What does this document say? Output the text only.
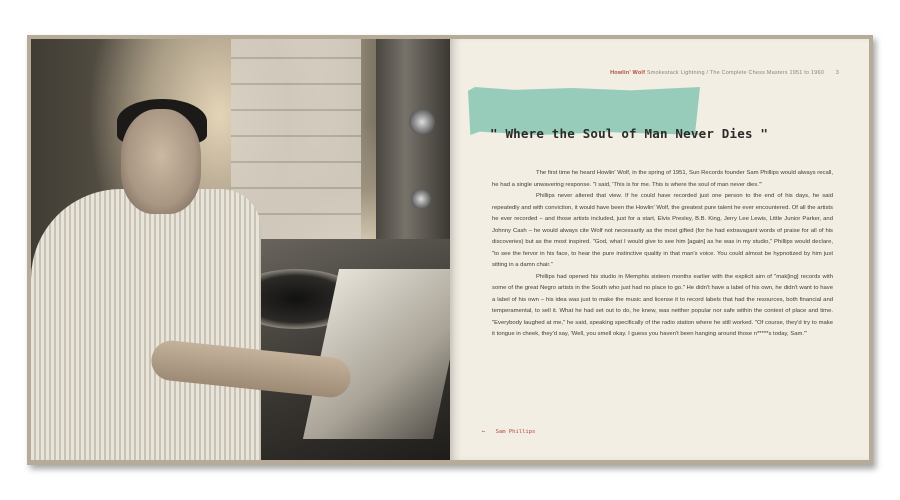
Howlin' Wolf Smokestack Lightning / The Complete Chess Masters 1951 to 1960 3
" Where the Soul of Man Never Dies "

The first time he heard Howlin' Wolf, in the spring of 1951, Sun Records founder Sam Phillips would always recall, he had a single unwavering response. "I said, 'This is for me. This is where the soul of man never dies.'"

Phillips never altered that view. If he could have recorded just one person to the end of his days, he said repeatedly and with conviction, it would have been the Howlin' Wolf, the greatest pure talent he ever encountered. Of all the artists he ever recorded – and those artists included, just for a start, Elvis Presley, B.B. King, Jerry Lee Lewis, Little Junior Parker, and Johnny Cash – he would always cite Wolf not necessarily as the most gifted (for he had extravagant words of praise for all of his discoveries) but as the most inspired. "God, what I would give to see him [again] as he was in my studio," Phillips would declare, "to see the fervor in his face, to hear the pure instinctive quality in that man's voice. You could almost be hypnotized by him just sitting in a damn chair."

Phillips had opened his studio in Memphis sixteen months earlier with the explicit aim of "mak[ing] records with some of the great Negro artists in the South who just had no place to go." He didn't have a label of his own, he didn't want to have a label of his own – his idea was just to make the music and license it to record labels that had the resources, both financial and temperamental, to sell it. What he had set out to do, he knew, was neither popular nor safe within the context of place and time. "Everybody laughed at me," he said, speaking specifically of the radio station where he still worked. "Of course, they'd try to make it tongue in cheek, they'd say, 'Well, you smell okay. I guess you haven't been hanging around those n*****s today, Sam.'"

← Sam Phillips
